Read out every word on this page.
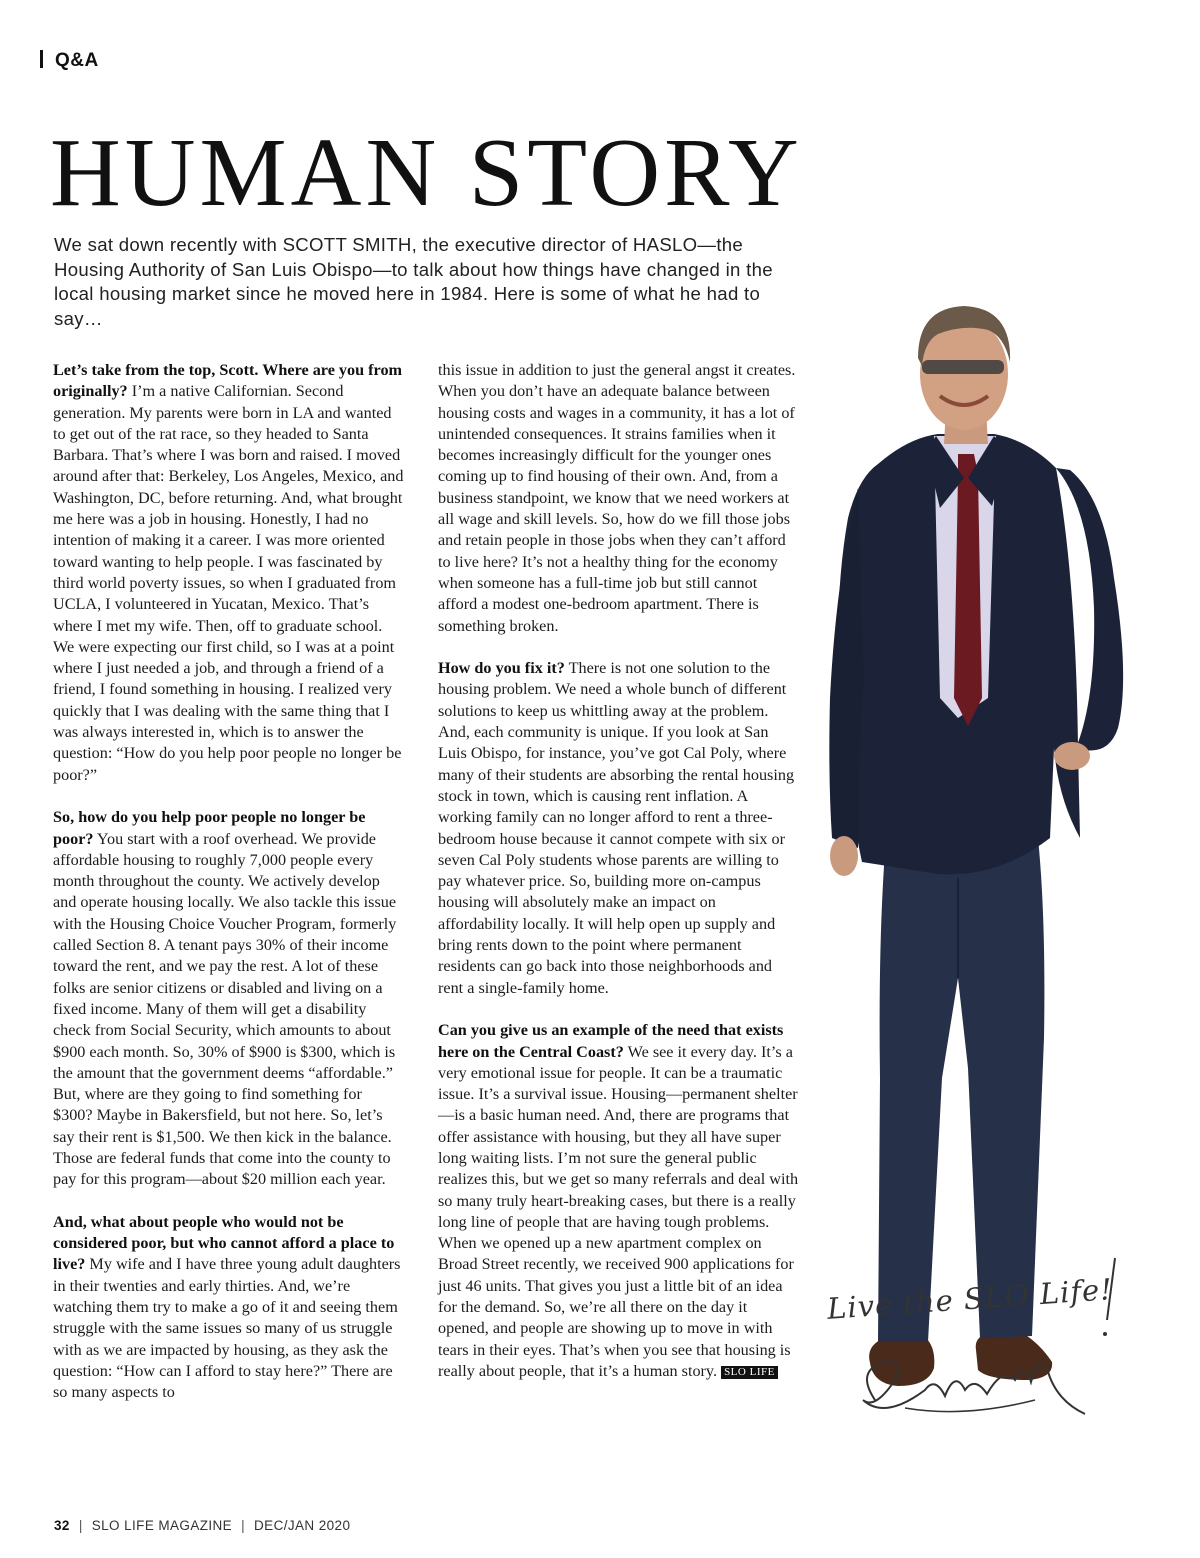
Q&A
HUMAN STORY

We sat down recently with SCOTT SMITH, the executive director of HASLO—the Housing Authority of San Luis Obispo—to talk about how things have changed in the local housing market since he moved here in 1984. Here is some of what he had to say…

Let’s take from the top, Scott. Where are you from originally? I’m a native Californian. Second generation. My parents were born in LA and wanted to get out of the rat race, so they headed to Santa Barbara. That’s where I was born and raised. I moved around after that: Berkeley, Los Angeles, Mexico, and Washington, DC, before returning. And, what brought me here was a job in housing. Honestly, I had no intention of making it a career. I was more oriented toward wanting to help people. I was fascinated by third world poverty issues, so when I graduated from UCLA, I volunteered in Yucatan, Mexico. That’s where I met my wife. Then, off to graduate school. We were expecting our first child, so I was at a point where I just needed a job, and through a friend of a friend, I found something in housing. I realized very quickly that I was dealing with the same thing that I was always interested in, which is to answer the question: “How do you help poor people no longer be poor?”

So, how do you help poor people no longer be poor? You start with a roof overhead. We provide affordable housing to roughly 7,000 people every month throughout the county. We actively develop and operate housing locally. We also tackle this issue with the Housing Choice Voucher Program, formerly called Section 8. A tenant pays 30% of their income toward the rent, and we pay the rest. A lot of these folks are senior citizens or disabled and living on a fixed income. Many of them will get a disability check from Social Security, which amounts to about $900 each month. So, 30% of $900 is $300, which is the amount that the government deems “affordable.” But, where are they going to find something for $300? Maybe in Bakersfield, but not here. So, let’s say their rent is $1,500. We then kick in the balance. Those are federal funds that come into the county to pay for this program—about $20 million each year.

And, what about people who would not be considered poor, but who cannot afford a place to live? My wife and I have three young adult daughters in their twenties and early thirties. And, we’re watching them try to make a go of it and seeing them struggle with the same issues so many of us struggle with as we are impacted by housing, as they ask the question: “How can I afford to stay here?” There are so many aspects to

this issue in addition to just the general angst it creates. When you don’t have an adequate balance between housing costs and wages in a community, it has a lot of unintended consequences. It strains families when it becomes increasingly difficult for the younger ones coming up to find housing of their own. And, from a business standpoint, we know that we need workers at all wage and skill levels. So, how do we fill those jobs and retain people in those jobs when they can’t afford to live here? It’s not a healthy thing for the economy when someone has a full-time job but still cannot afford a modest one-bedroom apartment. There is something broken.

How do you fix it? There is not one solution to the housing problem. We need a whole bunch of different solutions to keep us whittling away at the problem. And, each community is unique. If you look at San Luis Obispo, for instance, you’ve got Cal Poly, where many of their students are absorbing the rental housing stock in town, which is causing rent inflation. A working family can no longer afford to rent a three-bedroom house because it cannot compete with six or seven Cal Poly students whose parents are willing to pay whatever price. So, building more on-campus housing will absolutely make an impact on affordability locally. It will help open up supply and bring rents down to the point where permanent residents can go back into those neighborhoods and rent a single-family home.

Can you give us an example of the need that exists here on the Central Coast? We see it every day. It’s a very emotional issue for people. It can be a traumatic issue. It’s a survival issue. Housing—permanent shelter—is a basic human need. And, there are programs that offer assistance with housing, but they all have super long waiting lists. I’m not sure the general public realizes this, but we get so many referrals and deal with so many truly heart-breaking cases, but there is a really long line of people that are having tough problems. When we opened up a new apartment complex on Broad Street recently, we received 900 applications for just 46 units. That gives you just a little bit of an idea for the demand. So, we’re all there on the day it opened, and people are showing up to move in with tears in their eyes. That’s when you see that housing is really about people, that it’s a human story. SLO LIFE

Live the SLO Life!
32 | SLO LIFE MAGAZINE | DEC/JAN 2020
